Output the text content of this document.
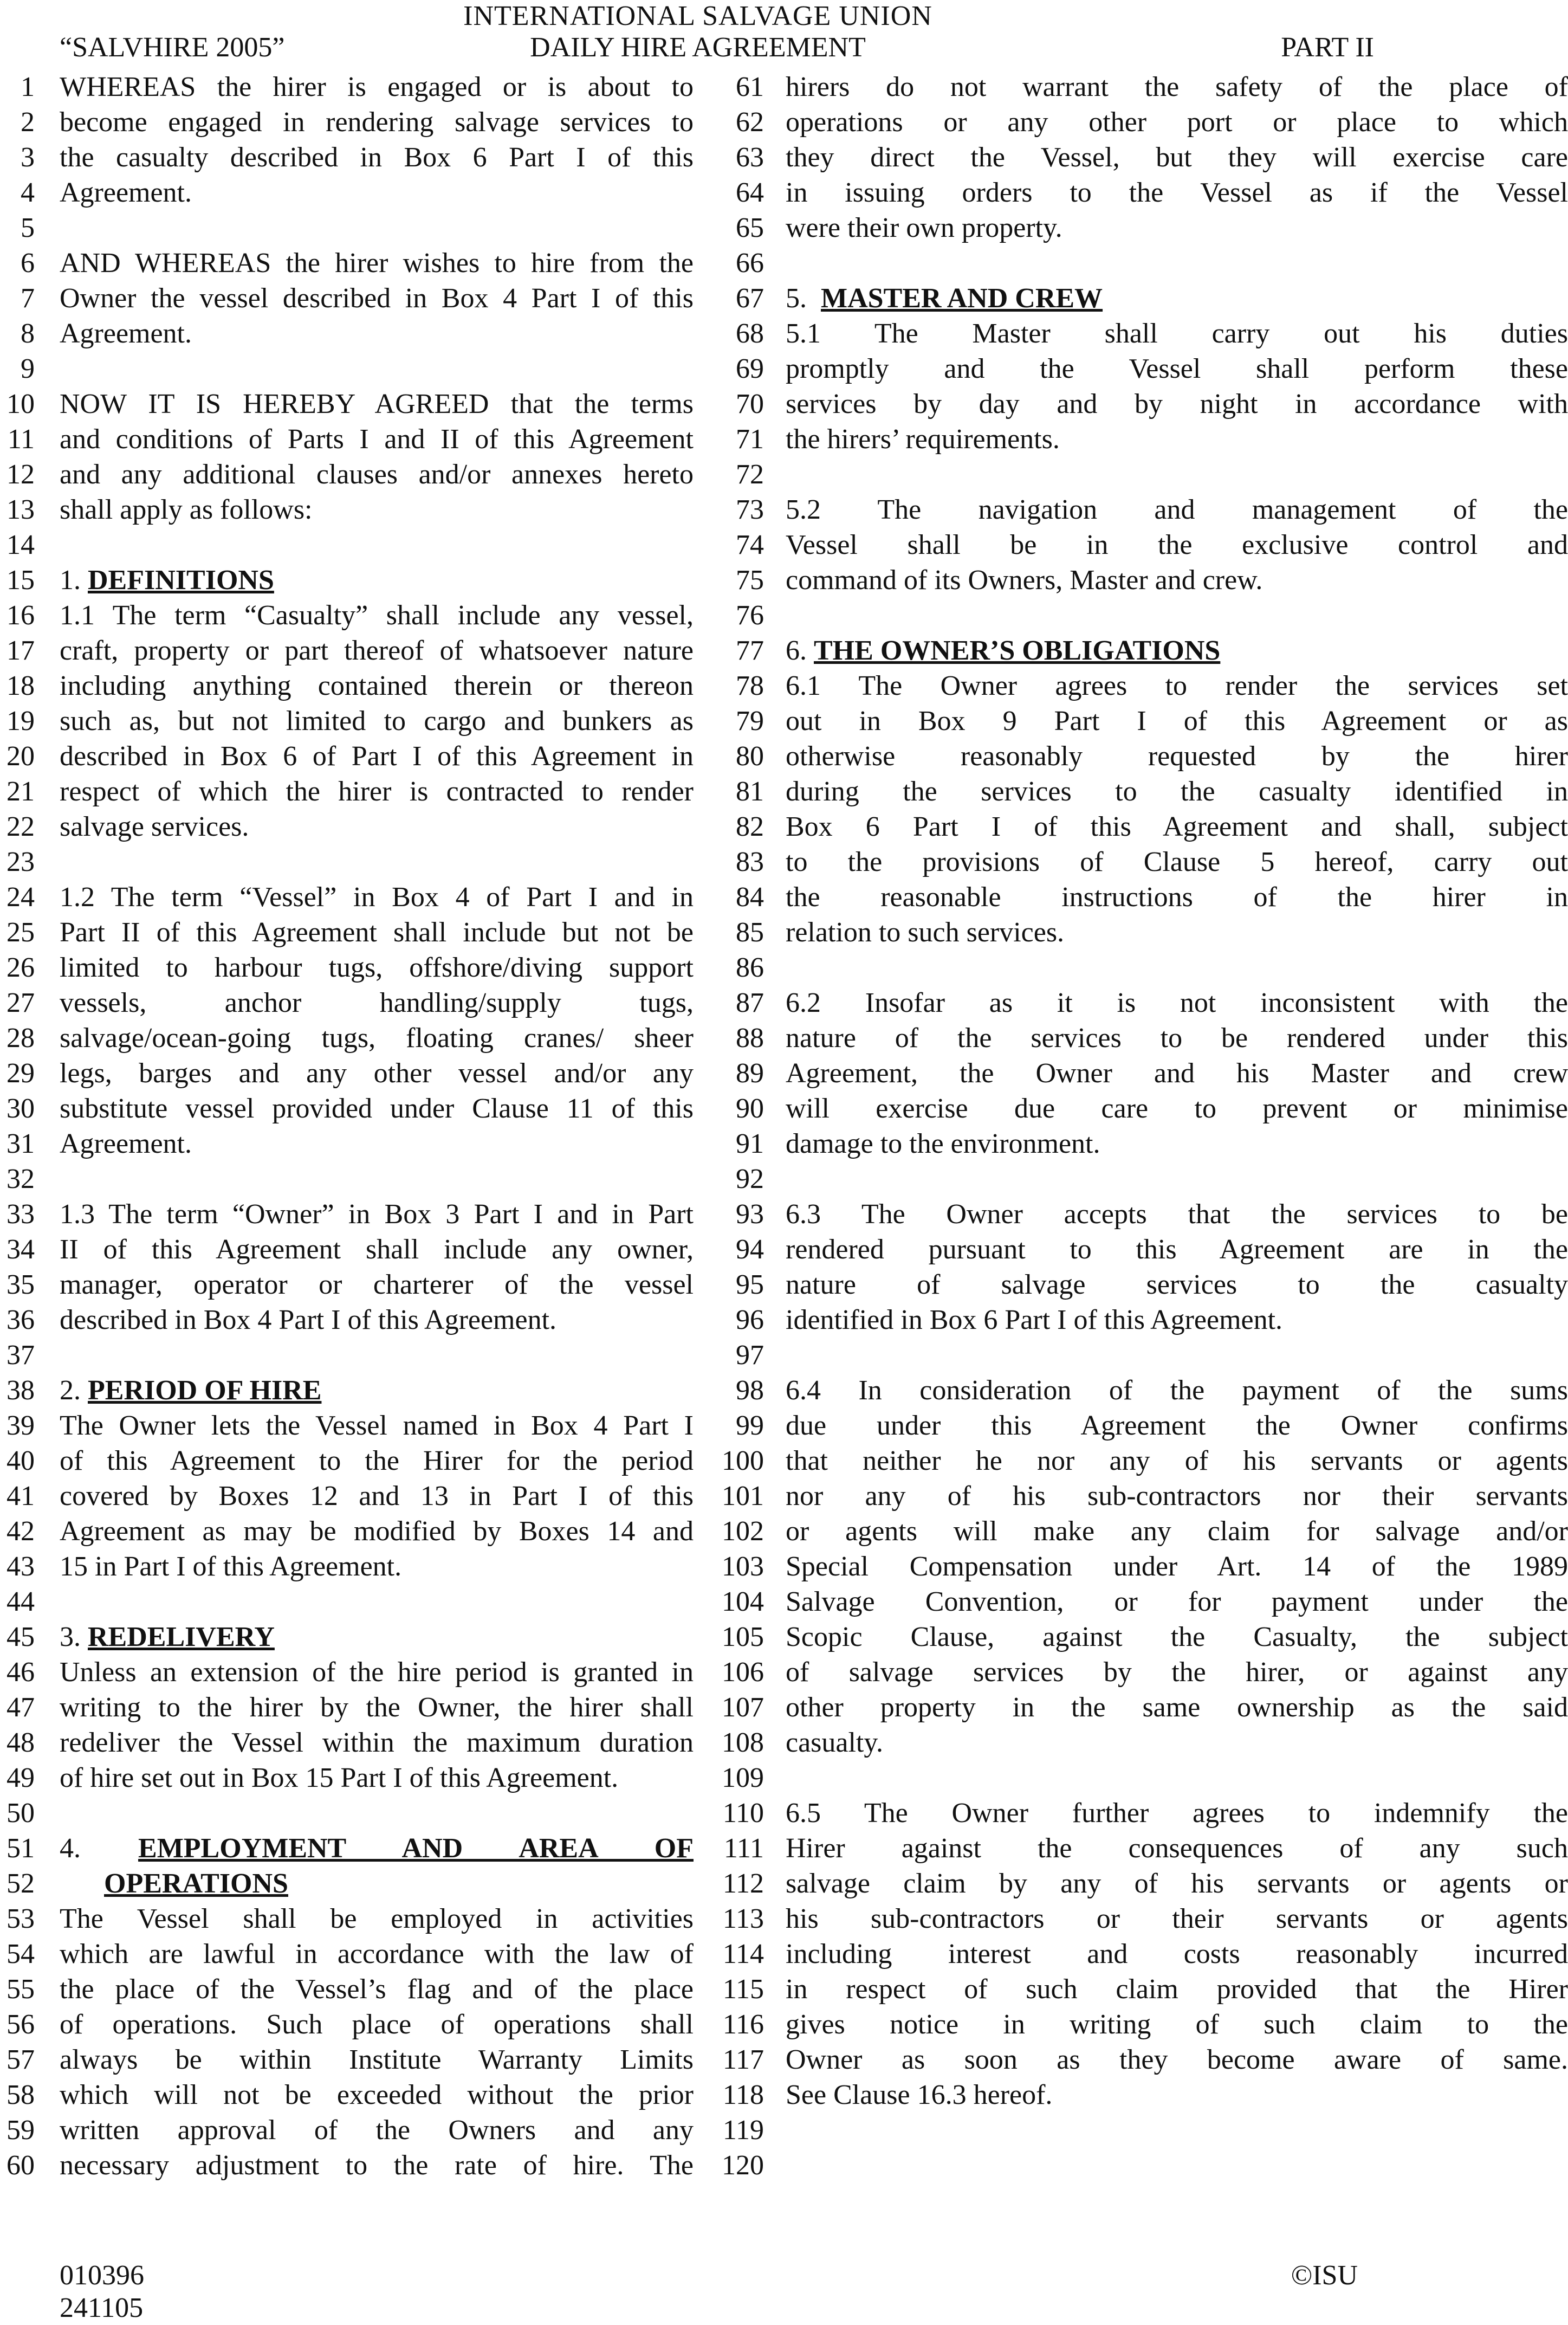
INTERNATIONAL SALVAGE UNION
“SALVHIRE 2005”	DAILY HIRE AGREEMENT	PART II
1 WHEREAS the hirer is engaged or is about to
2 become engaged in rendering salvage services to
3 the casualty described in Box 6 Part I of this
4 Agreement.
5
6 AND WHEREAS the hirer wishes to hire from the
7 Owner the vessel described in Box 4 Part I of this
8 Agreement.
9
10 NOW IT IS HEREBY AGREED that the terms
11 and conditions of Parts I and II of this Agreement
12 and any additional clauses and/or annexes hereto
13 shall apply as follows:
14
15 1. DEFINITIONS
16 1.1 The term “Casualty” shall include any vessel,
17 craft, property or part thereof of whatsoever nature
18 including anything contained therein or thereon
19 such as, but not limited to cargo and bunkers as
20 described in Box 6 of Part I of this Agreement in
21 respect of which the hirer is contracted to render
22 salvage services.
23
24 1.2 The term “Vessel” in Box 4 of Part I and in
25 Part II of this Agreement shall include but not be
26 limited to harbour tugs, offshore/diving support
27 vessels, anchor handling/supply tugs,
28 salvage/ocean-going tugs, floating cranes/ sheer
29 legs, barges and any other vessel and/or any
30 substitute vessel provided under Clause 11 of this
31 Agreement.
32
33 1.3 The term “Owner” in Box 3 Part I and in Part
34 II of this Agreement shall include any owner,
35 manager, operator or charterer of the vessel
36 described in Box 4 Part I of this Agreement.
37
38 2. PERIOD OF HIRE
39 The Owner lets the Vessel named in Box 4 Part I
40 of this Agreement to the Hirer for the period
41 covered by Boxes 12 and 13 in Part I of this
42 Agreement as may be modified by Boxes 14 and
43 15 in Part I of this Agreement.
44
45 3. REDELIVERY
46 Unless an extension of the hire period is granted in
47 writing to the hirer by the Owner, the hirer shall
48 redeliver the Vessel within the maximum duration
49 of hire set out in Box 15 Part I of this Agreement.
50
51 4. EMPLOYMENT AND AREA OF
52	OPERATIONS
53 The Vessel shall be employed in activities
54 which are lawful in accordance with the law of
55 the place of the Vessel’s flag and of the place
56 of operations. Such place of operations shall
57 always be within Institute Warranty Limits
58 which will not be exceeded without the prior
59 written approval of the Owners and any
60 necessary adjustment to the rate of hire. The
61 hirers do not warrant the safety of the place of
62 operations or any other port or place to which
63 they direct the Vessel, but they will exercise care
64 in issuing orders to the Vessel as if the Vessel
65 were their own property.
66
67 5.  MASTER AND CREW
68 5.1 The Master shall carry out his duties
69 promptly and the Vessel shall perform these
70 services by day and by night in accordance with
71 the hirers’ requirements.
72
73 5.2 The navigation and management of the
74 Vessel shall be in the exclusive control and
75 command of its Owners, Master and crew.
76
77 6. THE OWNER’S OBLIGATIONS
78 6.1 The Owner agrees to render the services set
79 out in Box 9 Part I of this Agreement or as
80 otherwise reasonably requested by the hirer
81 during the services to the casualty identified in
82 Box 6 Part I of this Agreement and shall, subject
83 to the provisions of Clause 5 hereof, carry out
84 the reasonable instructions of the hirer in
85 relation to such services.
86
87 6.2 Insofar as it is not inconsistent with the
88 nature of the services to be rendered under this
89 Agreement, the Owner and his Master and crew
90 will exercise due care to prevent or minimise
91 damage to the environment.
92
93 6.3 The Owner accepts that the services to be
94 rendered pursuant to this Agreement are in the
95 nature of salvage services to the casualty
96 identified in Box 6 Part I of this Agreement.
97
98 6.4 In consideration of the payment of the sums
99 due under this Agreement the Owner confirms
100 that neither he nor any of his servants or agents
101 nor any of his sub-contractors nor their servants
102 or agents will make any claim for salvage and/or
103 Special Compensation under Art. 14 of the 1989
104 Salvage Convention, or for payment under the
105 Scopic Clause, against the Casualty, the subject
106 of salvage services by the hirer, or against any
107 other property in the same ownership as the said
108 casualty.
109
110 6.5 The Owner further agrees to indemnify the
111 Hirer against the consequences of any such
112 salvage claim by any of his servants or agents or
113 his sub-contractors or their servants or agents
114 including interest and costs reasonably incurred
115 in respect of such claim provided that the Hirer
116 gives notice in writing of such claim to the
117 Owner as soon as they become aware of same.
118 See Clause 16.3 hereof.
119
120
010396
241105
©ISU
